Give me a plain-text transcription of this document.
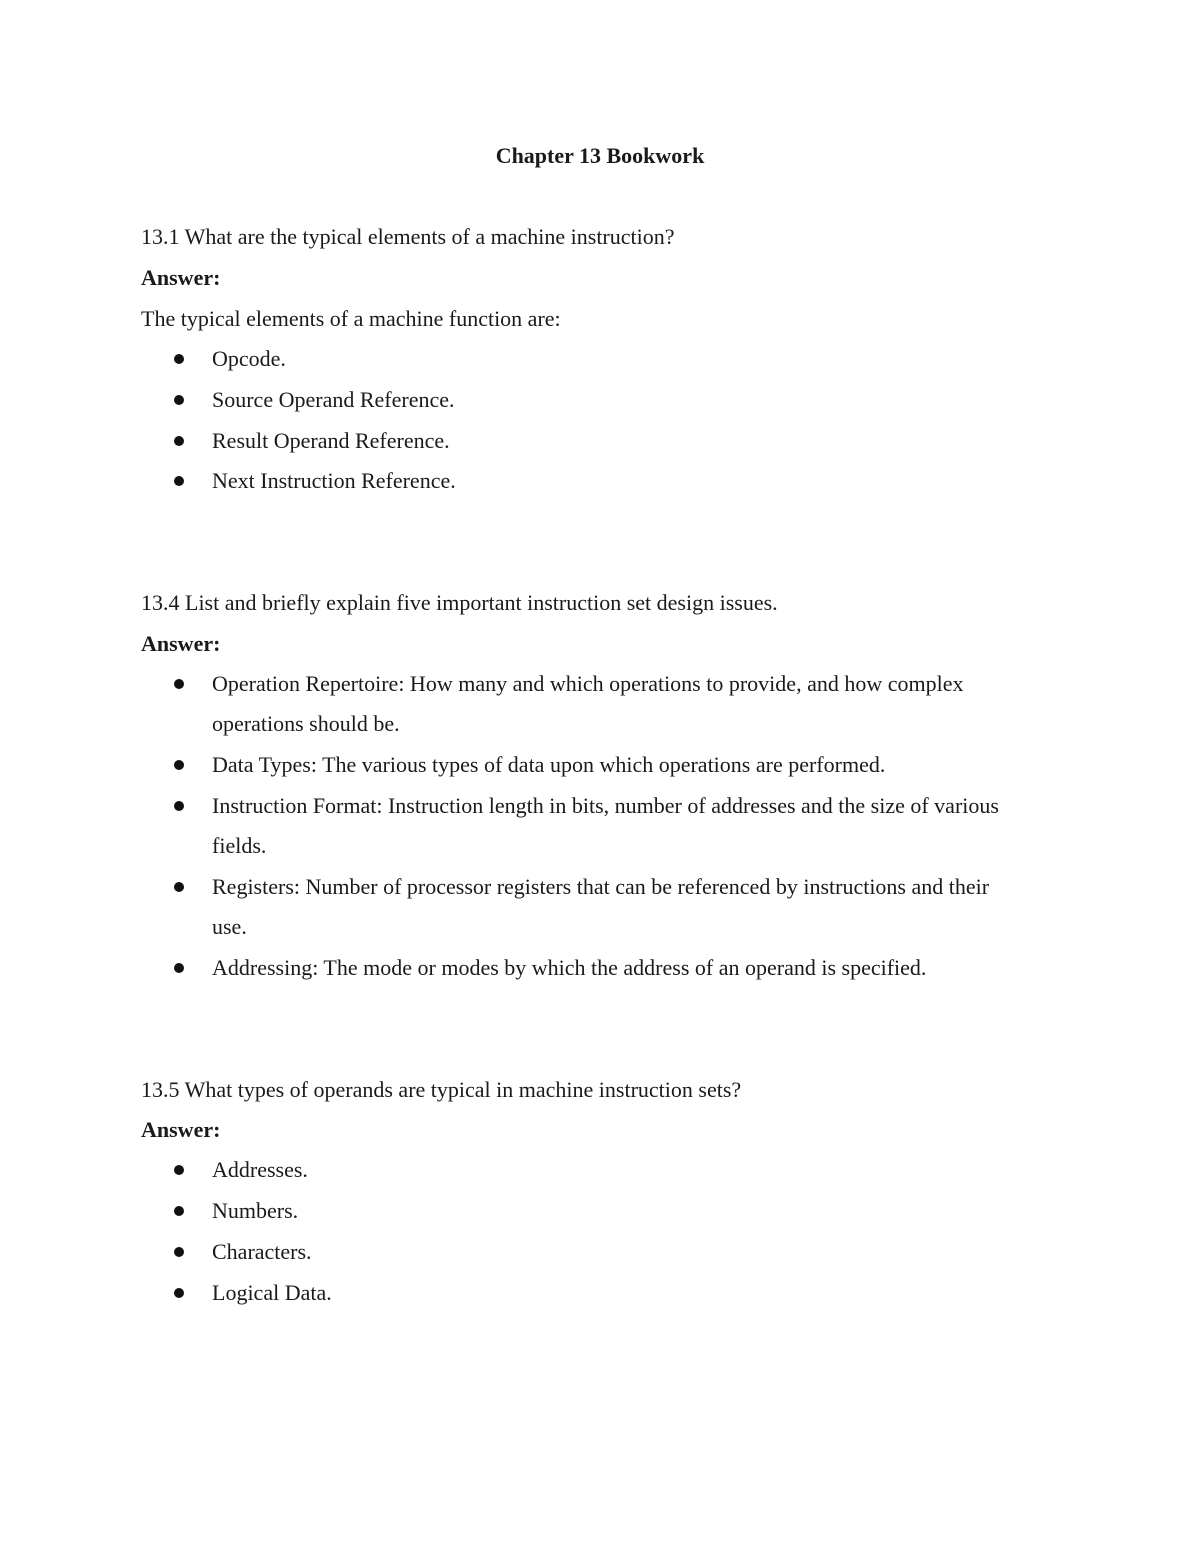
Chapter 13 Bookwork
13.1 What are the typical elements of a machine instruction?
Answer:
The typical elements of a machine function are:
Opcode.
Source Operand Reference.
Result Operand Reference.
Next Instruction Reference.
13.4 List and briefly explain five important instruction set design issues.
Answer:
Operation Repertoire: How many and which operations to provide, and how complex
operations should be.
Data Types: The various types of data upon which operations are performed.
Instruction Format: Instruction length in bits, number of addresses and the size of various
fields.
Registers: Number of processor registers that can be referenced by instructions and their
use.
Addressing: The mode or modes by which the address of an operand is specified.
13.5 What types of operands are typical in machine instruction sets?
Answer:
Addresses.
Numbers.
Characters.
Logical Data.
